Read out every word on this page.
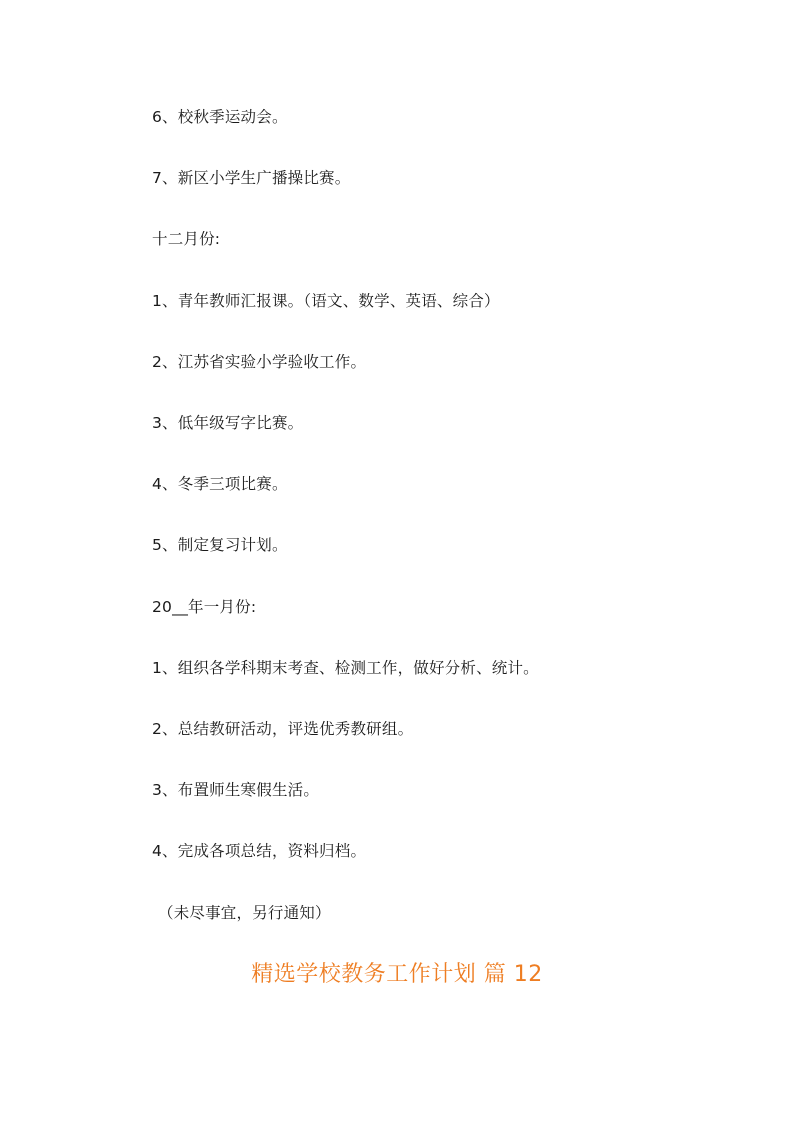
6、校秋季运动会。
7、新区小学生广播操比赛。
十二月份:
1、青年教师汇报课。（语文、数学、英语、综合）
2、江苏省实验小学验收工作。
3、低年级写字比赛。
4、冬季三项比赛。
5、制定复习计划。
20__年一月份:
1、组织各学科期末考查、检测工作，做好分析、统计。
2、总结教研活动，评选优秀教研组。
3、布置师生寒假生活。
4、完成各项总结，资料归档。
（未尽事宜，另行通知）
精选学校教务工作计划 篇 12
